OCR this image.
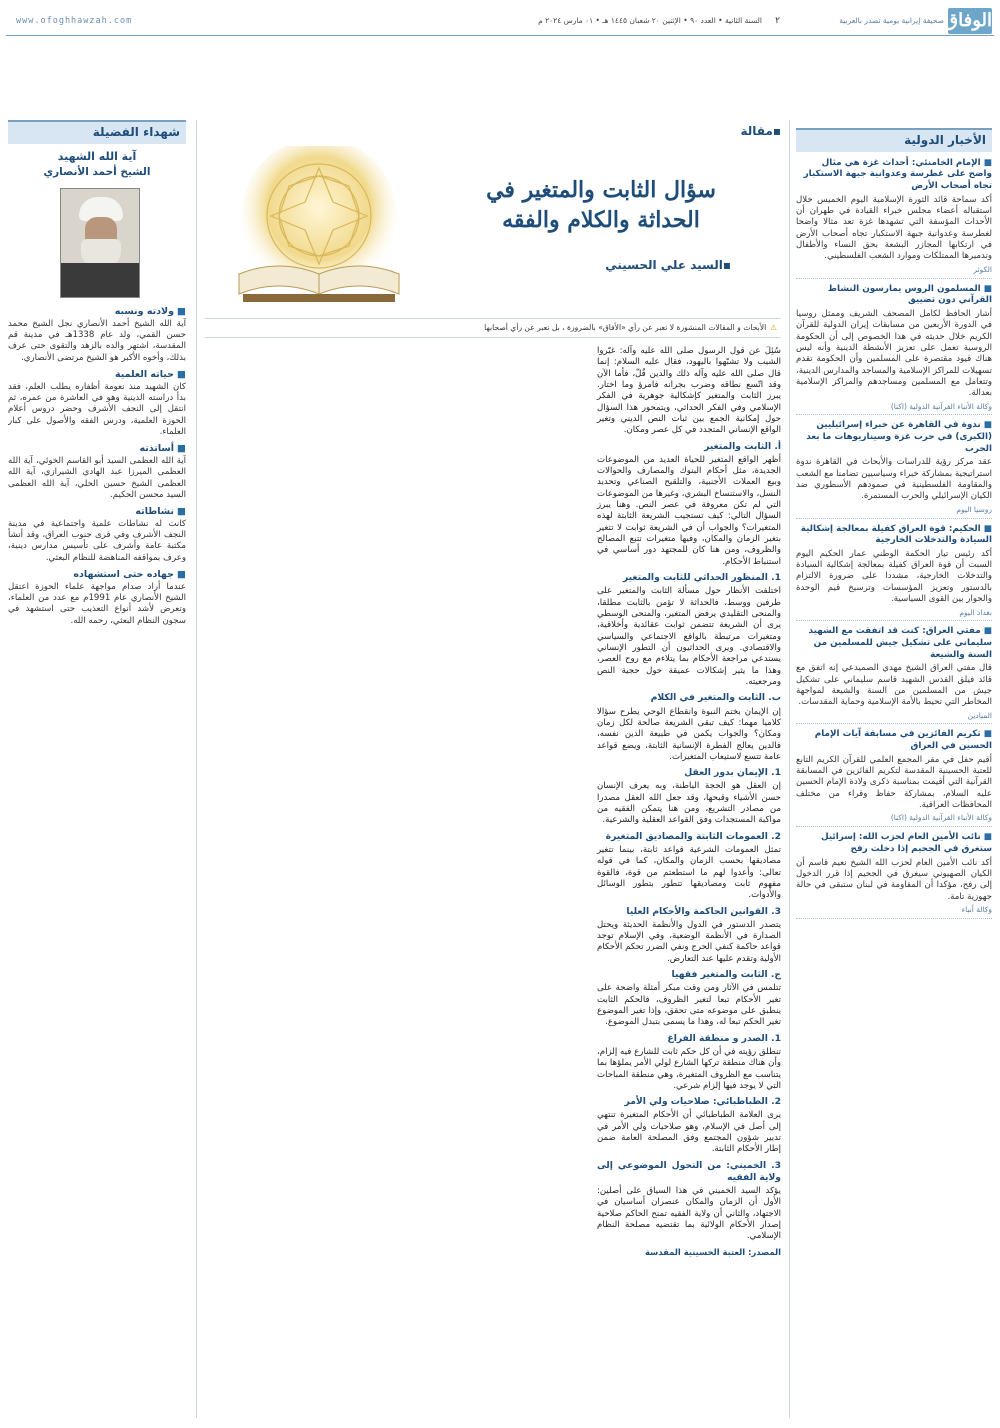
الوفاق
صحيفة إيرانية يومية تصدر بالعربية
٢
السنة الثانية • العدد ٩٠ • الإثنين ٢٠ شعبان ١٤٤٥ هـ • ٠١ مارس ٢٠٢٤ م
www.ofoghhawzah.com
الأخبار الدولية
■الإمام الخامنئي: أحداث غزة هي مثال واضح على غطرسة وعدوانية جبهة الاستكبار تجاه أصحاب الأرض
أكد سماحة قائد الثورة الإسلامية اليوم الخميس خلال استقباله أعضاء مجلس خبراء القيادة في طهران أن الأحداث المؤسفة التي تشهدها غزة تعد مثالا واضحا لغطرسة وعدوانية جبهة الاستكبار تجاه أصحاب الأرض في ارتكابها المجازر البشعة بحق النساء والأطفال وتدميرها الممتلكات وموارد الشعب الفلسطيني.
الكوثر
■المسلمون الروس يمارسون النشاط القرآني دون تضييق
أشار الحافظ لكامل المصحف الشريف وممثل روسيا في الدورة الأربعين من مسابقات إيران الدولية للقرآن الكريم خلال حديثه في هذا الخصوص إلى أن الحكومة الروسية تعمل على تعزيز الأنشطة الدينية وأنه ليس هناك قيود مقتصرة على المسلمين وأن الحكومة تقدم تسهيلات للمراكز الإسلامية والمساجد والمدارس الدينية، وتتعامل مع المسلمين ومساجدهم والمراكز الإسلامية بعدالة.
وكالة الأنباء القرآنية الدولية (اكنا)
■ندوة في القاهرة عن خبراء إسرائيليين (الكبرى) في حرب غزة وسيناريوهات ما بعد الحرب
عقد مركز رؤية للدراسات والأبحاث في القاهرة ندوة استراتيجية بمشاركة خبراء وسياسيين تضامنا مع الشعب والمقاومة الفلسطينية في صمودهم الأسطوري ضد الكيان الإسرائيلي والحرب المستمرة.
روسيا اليوم
■الحكيم: قوة العراق كفيلة بمعالجة إشكالية السيادة والتدخلات الخارجية
أكد رئيس تيار الحكمة الوطني عمار الحكيم اليوم السبت أن قوة العراق كفيلة بمعالجة إشكالية السيادة والتدخلات الخارجية، مشددا على ضرورة الالتزام بالدستور وتعزيز المؤسسات وترسيخ قيم الوحدة والحوار بين القوى السياسية.
بغداد اليوم
■مفتي العراق: كنت قد اتفقت مع الشهيد سليماني على تشكيل جيش للمسلمين من السنة والشيعة
قال مفتي العراق الشيخ مهدي الصميدعي إنه اتفق مع قائد فيلق القدس الشهيد قاسم سليماني على تشكيل جيش من المسلمين من السنة والشيعة لمواجهة المخاطر التي تحيط بالأمة الإسلامية وحماية المقدسات.
الميادين
■تكريم الفائزين في مسابقة آيات الإمام الحسين في العراق
أقيم حفل في مقر المجمع العلمي للقرآن الكريم التابع للعتبة الحسينية المقدسة لتكريم الفائزين في المسابقة القرآنية التي أقيمت بمناسبة ذكرى ولادة الإمام الحسين عليه السلام، بمشاركة حفاظ وقراء من مختلف المحافظات العراقية.
وكالة الأنباء القرآنية الدولية (اكنا)
■نائب الأمين العام لحزب الله: إسرائيل ستغرق في الجحيم إذا دخلت رفح
أكد نائب الأمين العام لحزب الله الشيخ نعيم قاسم أن الكيان الصهيوني سيغرق في الجحيم إذا قرر الدخول إلى رفح، مؤكدا أن المقاومة في لبنان ستبقى في حالة جهوزية تامة.
وكالة أنباء
▪مقالة
سؤال الثابت والمتغير في الحداثة والكلام والفقه
▪السيد علي الحسيني
⚠الأبحاث و المقالات المنشورة لا تعبر عن رأي «الأفاق» بالضرورة ، بل تعبر عن رأي أصحابها

سُئِلَ عن قول الرسول صلى الله عليه وآله: غيّروا الشيب ولا تشبّهوا باليهود، فقال عليه السلام: إنما قال صلى الله عليه وآله ذلك والدين قُلّ، فأما الآن وقد اتّسع نطاقه وضرب بجرانه فامرؤ وما اختار. يبرز الثابت والمتغير كإشكالية جوهرية في الفكر الإسلامي وفي الفكر الحداثي، ويتمحور هذا السؤال حول إمكانية الجمع بين ثبات النص الديني وتغير الواقع الإنساني المتجدد في كل عصر ومكان.

أ. الثابت والمتغير

أظهر الواقع المتغير للحياة العديد من الموضوعات الجديدة، مثل أحكام البنوك والمصارف والحوالات وبيع العملات الأجنبية، والتلقيح الصناعي وتحديد النسل، والاستنساخ البشري، وغيرها من الموضوعات التي لم تكن معروفة في عصر النص. وهنا يبرز السؤال التالي: كيف تستجيب الشريعة الثابتة لهذه المتغيرات؟ والجواب أن في الشريعة ثوابت لا تتغير بتغير الزمان والمكان، وفيها متغيرات تتبع المصالح والظروف، ومن هنا كان للمجتهد دور أساسي في استنباط الأحكام.

1. المنظور الحداثي للثابت والمتغير

اختلفت الأنظار حول مسألة الثابت والمتغير على طرفين ووسط، فالحداثة لا تؤمن بالثابت مطلقا، والمنحى التقليدي يرفض المتغير، والمنحى الوسطي يرى أن الشريعة تتضمن ثوابت عقائدية وأخلاقية، ومتغيرات مرتبطة بالواقع الاجتماعي والسياسي والاقتصادي. ويرى الحداثيون أن التطور الإنساني يستدعي مراجعة الأحكام بما يتلاءم مع روح العصر، وهذا ما يثير إشكالات عميقة حول حجية النص ومرجعيته.

ب. الثابت والمتغير في الكلام

إن الإيمان بختم النبوة وانقطاع الوحي يطرح سؤالا كلاميا مهما: كيف تبقى الشريعة صالحة لكل زمان ومكان؟ والجواب يكمن في طبيعة الدين نفسه، فالدين يعالج الفطرة الإنسانية الثابتة، ويضع قواعد عامة تتسع لاستيعاب المتغيرات.

1. الإيمان بدور العقل

إن العقل هو الحجة الباطنة، وبه يعرف الإنسان حسن الأشياء وقبحها، وقد جعل الله العقل مصدرا من مصادر التشريع، ومن هنا يتمكن الفقيه من مواكبة المستجدات وفق القواعد العقلية والشرعية.

2. العمومات الثابتة والمصاديق المتغيرة

تمثل العمومات الشرعية قواعد ثابتة، بينما تتغير مصاديقها بحسب الزمان والمكان، كما في قوله تعالى: وأعدوا لهم ما استطعتم من قوة، فالقوة مفهوم ثابت ومصاديقها تتطور بتطور الوسائل والأدوات.

3. القوانين الحاكمة والأحكام العليا

يتصدر الدستور في الدول والأنظمة الحديثة ويحتل الصدارة في الأنظمة الوضعية، وفي الإسلام توجد قواعد حاكمة كنفي الحرج ونفي الضرر تحكم الأحكام الأولية وتقدم عليها عند التعارض.

ج. الثابت والمتغير فقهيا

تتلمس في الآثار ومن وقت مبكر أمثلة واضحة على تغير الأحكام تبعا لتغير الظروف، فالحكم الثابت ينطبق على موضوعه متى تحقق، وإذا تغير الموضوع تغير الحكم تبعا له، وهذا ما يسمى بتبدل الموضوع.

1. الصدر و منطقة الفراغ

تنطلق رؤيته في أن كل حكم ثابت للشارع فيه إلزام، وأن هناك منطقة تركها الشارع لولي الأمر يملؤها بما يتناسب مع الظروف المتغيرة، وهي منطقة المباحات التي لا يوجد فيها إلزام شرعي.

2. الطباطبائي: صلاحيات ولي الأمر

يرى العلامة الطباطبائي أن الأحكام المتغيرة تنتهي إلى أصل في الإسلام، وهو صلاحيات ولي الأمر في تدبير شؤون المجتمع وفق المصلحة العامة ضمن إطار الأحكام الثابتة.

3. الخميني: من التحول الموضوعي إلى ولاية الفقيه

يؤكد السيد الخميني في هذا السياق على أصلين: الأول أن الزمان والمكان عنصران أساسيان في الاجتهاد، والثاني أن ولاية الفقيه تمنح الحاكم صلاحية إصدار الأحكام الولائية بما تقتضيه مصلحة النظام الإسلامي.

المصدر: العتبة الحسينية المقدسة
شهداء الفضيلة
آية الله الشهيد
الشيخ أحمد الأنصاري
■ولادته ونسبه
آية الله الشيخ أحمد الأنصاري نجل الشيخ محمد حسن القمي، ولد عام 1338هـ في مدينة قم المقدسة، اشتهر والده بالزهد والتقوى حتى عرف بذلك، وأخوه الأكبر هو الشيخ مرتضى الأنصاري.
■حياته العلمية
كان الشهيد منذ نعومة أظفاره يطلب العلم، فقد بدأ دراسته الدينية وهو في العاشرة من عمره، ثم انتقل إلى النجف الأشرف وحضر دروس أعلام الحوزة العلمية، ودرس الفقه والأصول على كبار العلماء.
■أساتذته
آية الله العظمى السيد أبو القاسم الخوئي، آية الله العظمى الميرزا عبد الهادي الشيرازي، آية الله العظمى الشيخ حسين الحلي، آية الله العظمى السيد محسن الحكيم.
■نشاطاته
كانت له نشاطات علمية واجتماعية في مدينة النجف الأشرف وفي قرى جنوب العراق، وقد أنشأ مكتبة عامة وأشرف على تأسيس مدارس دينية، وعرف بمواقفه المناهضة للنظام البعثي.
■جهاده حتى استشهاده
عندما أراد صدام مواجهة علماء الحوزة اعتقل الشيخ الأنصاري عام 1991م مع عدد من العلماء، وتعرض لأشد أنواع التعذيب حتى استشهد في سجون النظام البعثي، رحمه الله.
